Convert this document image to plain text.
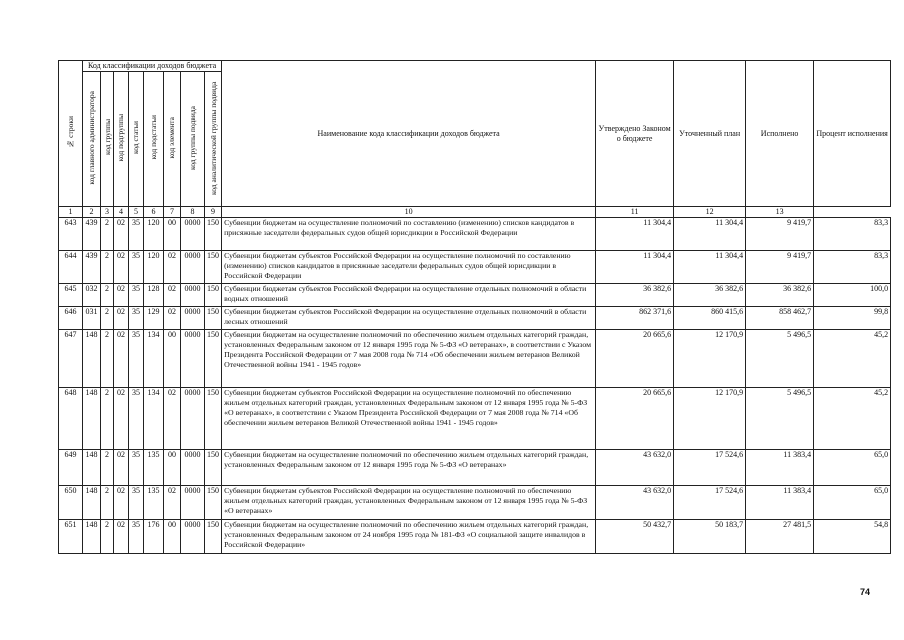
№ строки	Код классификации доходов бюджета								Наименование кода классификации доходов бюджета	Утверждено Законом о бюджете	Уточненный план	Исполнено	Процент исполнения
	код главного администратора	код группы	код подгруппы	код статьи	код подстатьи	код элемента	код группы подвида	код аналитической группы подвида					
1	2	3	4	5	6	7	8	9	10	11	12	13	
643	439	2	02	35	120	00	0000	150	Субвенции бюджетам на осуществление полномочий по составлению (изменению) списков кандидатов в присяжные заседатели федеральных судов общей юрисдикции в Российской Федерации	11 304,4	11 304,4	9 419,7	83,3
644	439	2	02	35	120	02	0000	150	Субвенции бюджетам субъектов Российской Федерации на осуществление полномочий по составлению (изменению) списков кандидатов в присяжные заседатели федеральных судов общей юрисдикции в Российской Федерации	11 304,4	11 304,4	9 419,7	83,3
645	032	2	02	35	128	02	0000	150	Субвенции бюджетам субъектов Российской Федерации на осуществление отдельных полномочий в области водных отношений	36 382,6	36 382,6	36 382,6	100,0
646	031	2	02	35	129	02	0000	150	Субвенции бюджетам субъектов Российской Федерации на осуществление отдельных полномочий в области лесных отношений	862 371,6	860 415,6	858 462,7	99,8
647	148	2	02	35	134	00	0000	150	Субвенции бюджетам на осуществление полномочий по обеспечению жильем отдельных категорий граждан, установленных Федеральным законом от 12 января 1995 года № 5-ФЗ «О ветеранах», в соответствии с Указом Президента Российской Федерации от 7 мая 2008 года № 714 «Об обеспечении жильем ветеранов Великой Отечественной войны 1941 - 1945 годов»	20 665,6	12 170,9	5 496,5	45,2
648	148	2	02	35	134	02	0000	150	Субвенции бюджетам субъектов Российской Федерации на осуществление полномочий по обеспечению жильем отдельных категорий граждан, установленных Федеральным законом от 12 января 1995 года № 5-ФЗ «О ветеранах», в соответствии с Указом Президента Российской Федерации от 7 мая 2008 года № 714 «Об обеспечении жильем ветеранов Великой Отечественной войны 1941 - 1945 годов»	20 665,6	12 170,9	5 496,5	45,2
649	148	2	02	35	135	00	0000	150	Субвенции бюджетам на осуществление полномочий по обеспечению жильем отдельных категорий граждан, установленных Федеральным законом от 12 января 1995 года № 5-ФЗ «О ветеранах»	43 632,0	17 524,6	11 383,4	65,0
650	148	2	02	35	135	02	0000	150	Субвенции бюджетам субъектов Российской Федерации на осуществление полномочий по обеспечению жильем отдельных категорий граждан, установленных Федеральным законом от 12 января 1995 года № 5-ФЗ «О ветеранах»	43 632,0	17 524,6	11 383,4	65,0
651	148	2	02	35	176	00	0000	150	Субвенции бюджетам на осуществление полномочий по обеспечению жильем отдельных категорий граждан, установленных Федеральным законом от 24 ноября 1995 года № 181-ФЗ «О социальной защите инвалидов в Российской Федерации»	50 432,7	50 183,7	27 481,5	54,8
74
